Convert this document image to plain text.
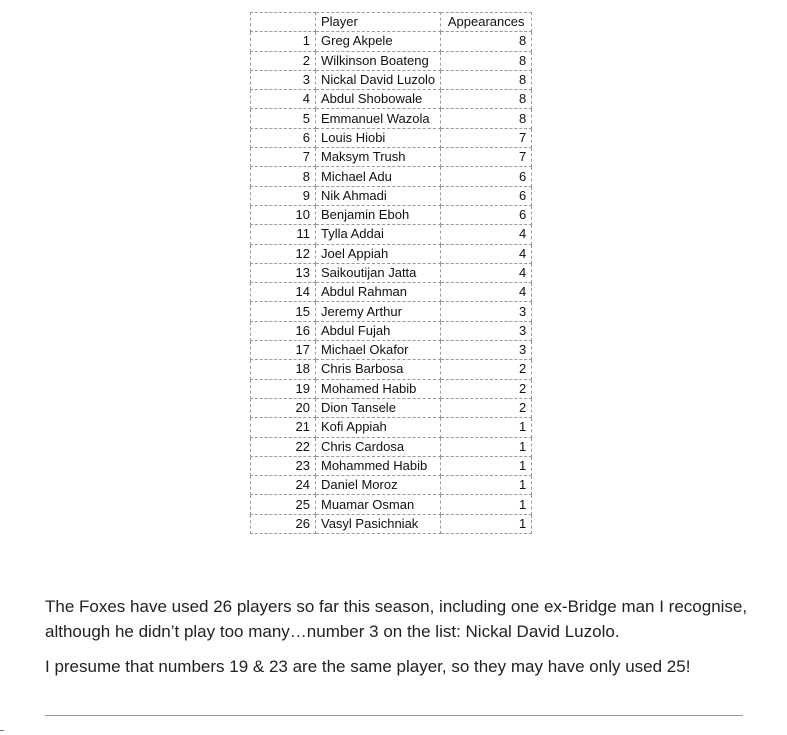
	Player	Appearances
1	Greg Akpele	8
2	Wilkinson Boateng	8
3	Nickal David Luzolo	8
4	Abdul Shobowale	8
5	Emmanuel Wazola	8
6	Louis Hiobi	7
7	Maksym Trush	7
8	Michael Adu	6
9	Nik Ahmadi	6
10	Benjamin Eboh	6
11	Tylla Addai	4
12	Joel Appiah	4
13	Saikoutijan Jatta	4
14	Abdul Rahman	4
15	Jeremy Arthur	3
16	Abdul Fujah	3
17	Michael Okafor	3
18	Chris Barbosa	2
19	Mohamed Habib	2
20	Dion Tansele	2
21	Kofi Appiah	1
22	Chris Cardosa	1
23	Mohammed Habib	1
24	Daniel Moroz	1
25	Muamar Osman	1
26	Vasyl Pasichniak	1

The Foxes have used 26 players so far this season, including one ex-Bridge man I recognise, although he didn’t play too many…number 3 on the list: Nickal David Luzolo.

I presume that numbers 19 & 23 are the same player, so they may have only used 25!
